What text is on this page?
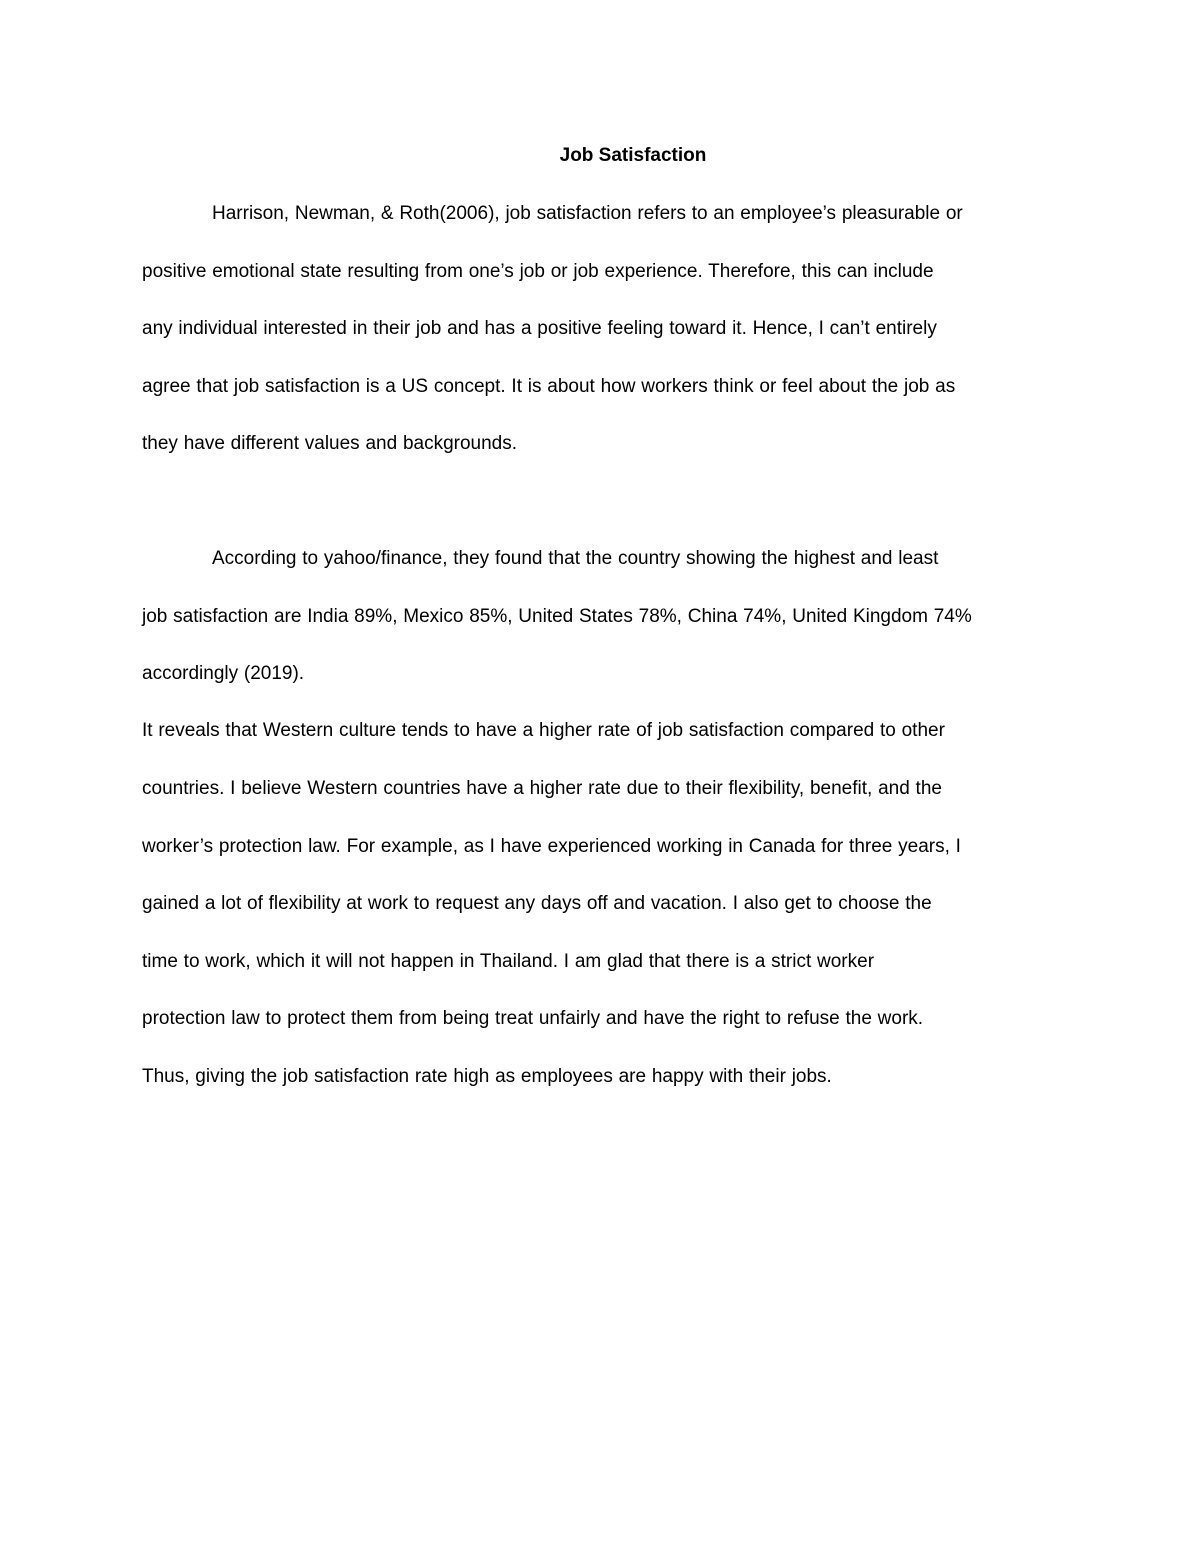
Job Satisfaction
Harrison, Newman, & Roth(2006), job satisfaction refers to an employee’s pleasurable or
positive emotional state resulting from one’s job or job experience. Therefore, this can include
any individual interested in their job and has a positive feeling toward it. Hence, I can’t entirely
agree that job satisfaction is a US concept. It is about how workers think or feel about the job as
they have different values and backgrounds.
According to yahoo/finance, they found that the country showing the highest and least
job satisfaction are India 89%, Mexico 85%, United States 78%, China 74%, United Kingdom 74%
accordingly (2019).
It reveals that Western culture tends to have a higher rate of job satisfaction compared to other
countries. I believe Western countries have a higher rate due to their flexibility, benefit, and the
worker’s protection law. For example, as I have experienced working in Canada for three years, I
gained a lot of flexibility at work to request any days off and vacation. I also get to choose the
time to work, which it will not happen in Thailand. I am glad that there is a strict worker
protection law to protect them from being treat unfairly and have the right to refuse the work.
Thus, giving the job satisfaction rate high as employees are happy with their jobs.
